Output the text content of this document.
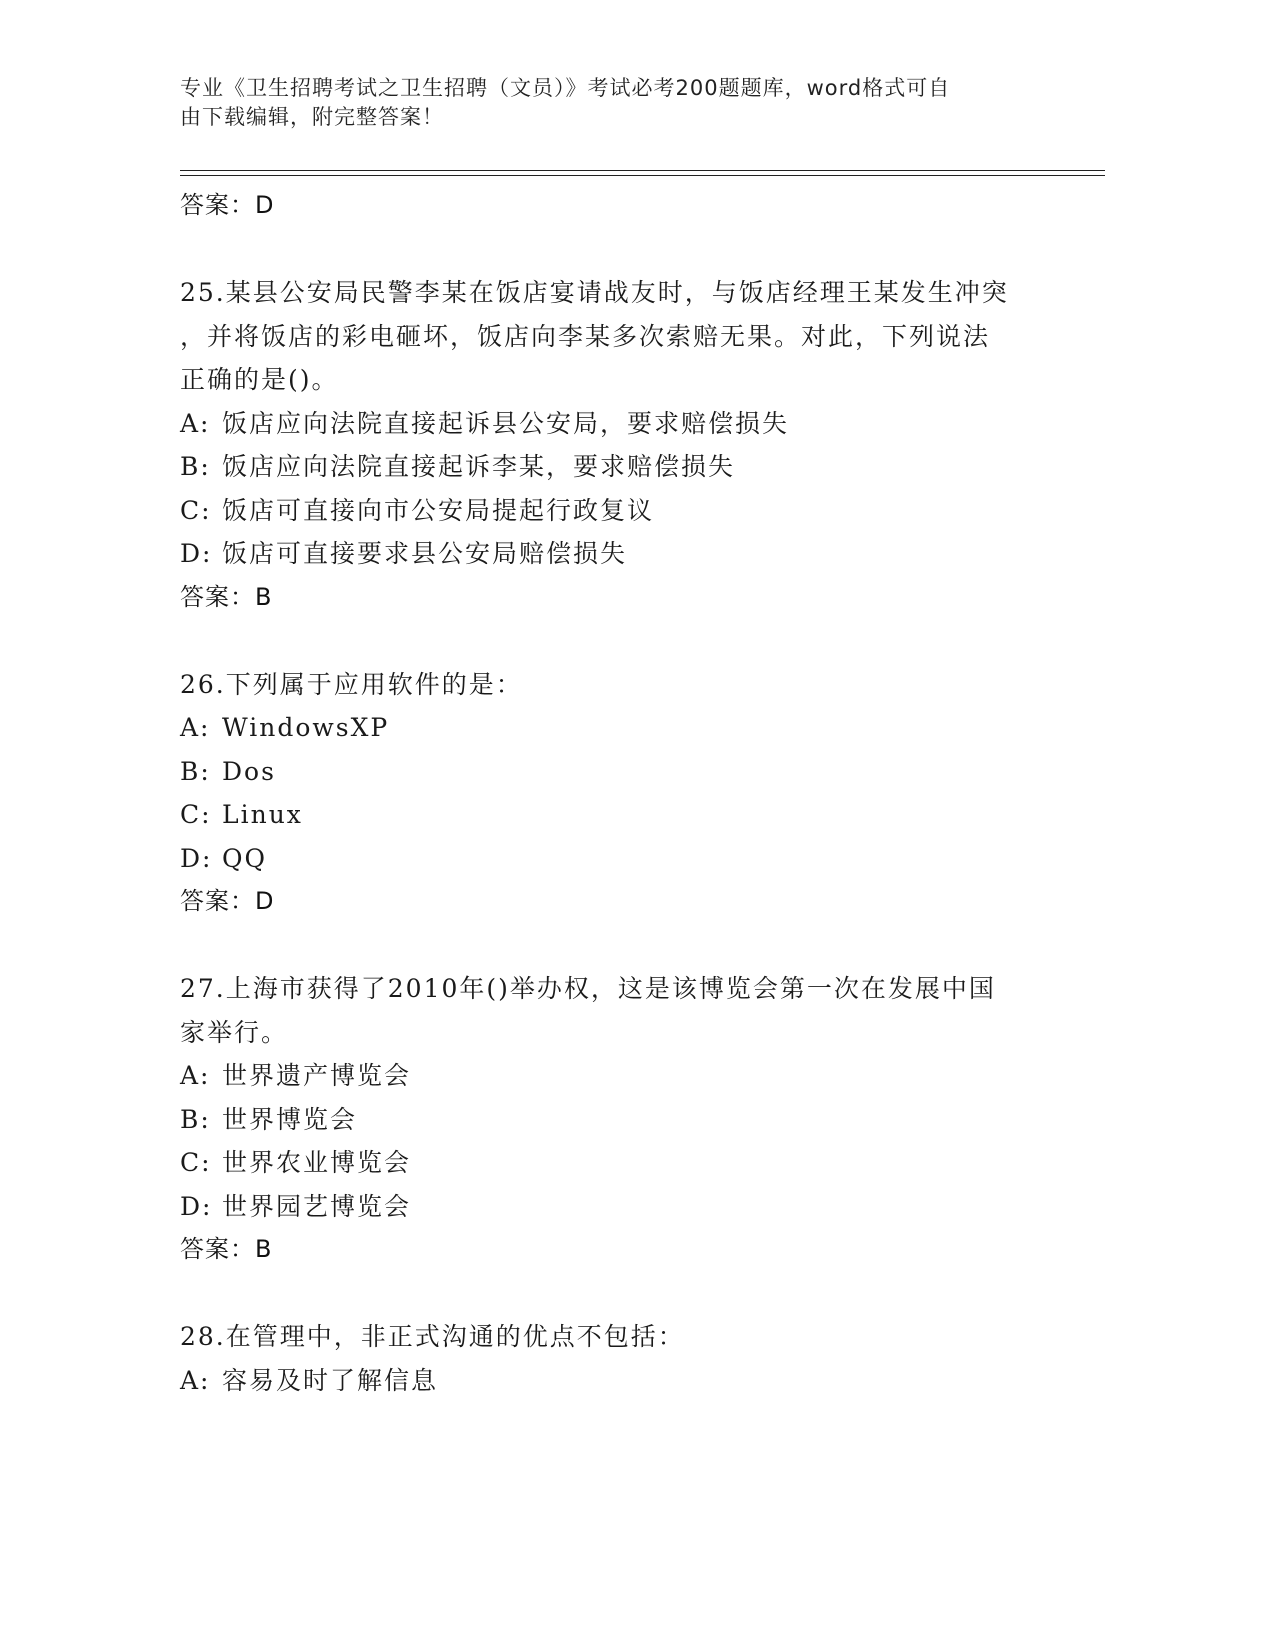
专业《卫生招聘考试之卫生招聘（文员）》考试必考200题题库，word格式可自
由下载编辑，附完整答案！
答案：D
25.某县公安局民警李某在饭店宴请战友时，与饭店经理王某发生冲突
，并将饭店的彩电砸坏，饭店向李某多次索赔无果。对此，下列说法
正确的是()。
A: 饭店应向法院直接起诉县公安局，要求赔偿损失
B: 饭店应向法院直接起诉李某，要求赔偿损失
C: 饭店可直接向市公安局提起行政复议
D: 饭店可直接要求县公安局赔偿损失
答案：B
26.下列属于应用软件的是：
A: WindowsXP
B: Dos
C: Linux
D: QQ
答案：D
27.上海市获得了2010年()举办权，这是该博览会第一次在发展中国
家举行。
A: 世界遗产博览会
B: 世界博览会
C: 世界农业博览会
D: 世界园艺博览会
答案：B
28.在管理中，非正式沟通的优点不包括：
A: 容易及时了解信息
